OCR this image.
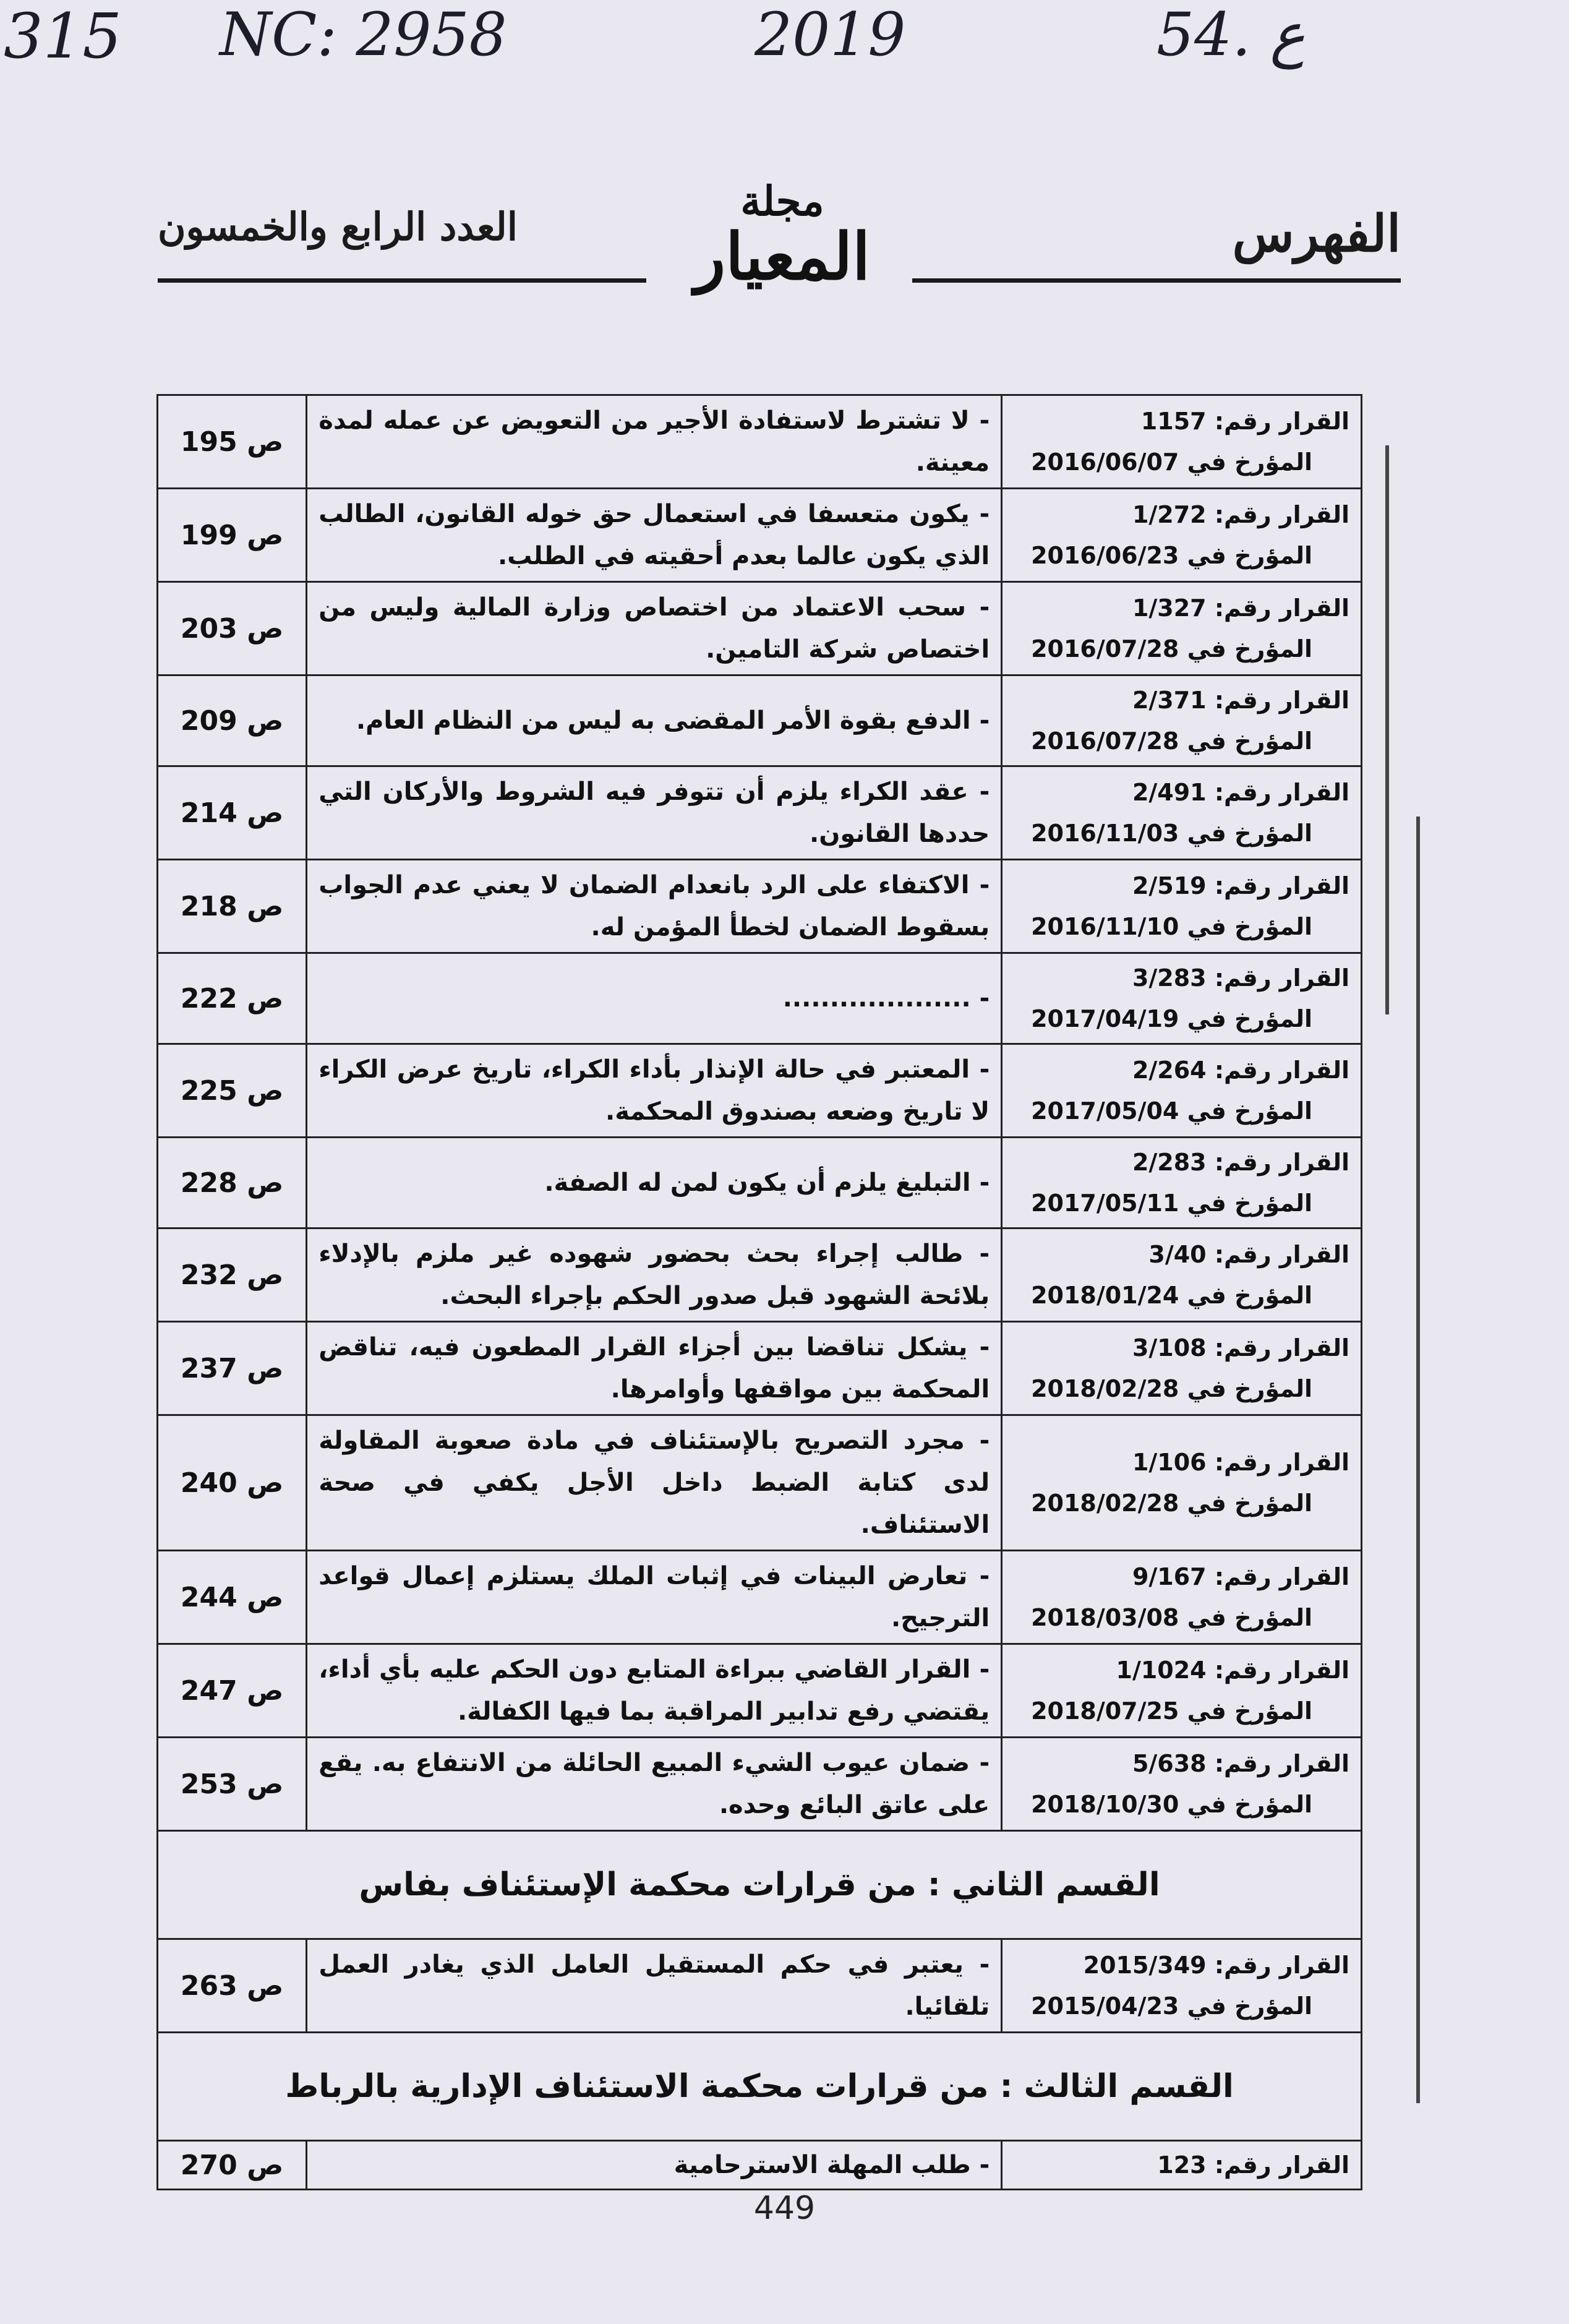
315 NC: 2958	2019	54. ع
الفهرس
العدد الرابع والخمسون
مجلة
المعيار
القرار رقم: 1157
المؤرخ في 2016/06/07	- لا تشترط لاستفادة الأجير من التعويض عن عمله لمدة معينة.	ص 195

القرار رقم: 1/272
المؤرخ في 2016/06/23	- يكون متعسفا في استعمال حق خوله القانون، الطالب الذي يكون عالما بعدم أحقيته في الطلب.	ص 199

القرار رقم: 1/327
المؤرخ في 2016/07/28	- سحب الاعتماد من اختصاص وزارة المالية وليس من اختصاص شركة التامين.	ص 203

القرار رقم: 2/371
المؤرخ في 2016/07/28	- الدفع بقوة الأمر المقضى به ليس من النظام العام.	ص 209

القرار رقم: 2/491
المؤرخ في 2016/11/03	- عقد الكراء يلزم أن تتوفر فيه الشروط والأركان التي حددها القانون.	ص 214

القرار رقم: 2/519
المؤرخ في 2016/11/10	- الاكتفاء على الرد بانعدام الضمان لا يعني عدم الجواب بسقوط الضمان لخطأ المؤمن له.	ص 218

القرار رقم: 3/283
المؤرخ في 2017/04/19	- ....................	ص 222

القرار رقم: 2/264
المؤرخ في 2017/05/04	- المعتبر في حالة الإنذار بأداء الكراء، تاريخ عرض الكراء لا تاريخ وضعه بصندوق المحكمة.	ص 225

القرار رقم: 2/283
المؤرخ في 2017/05/11	- التبليغ يلزم أن يكون لمن له الصفة.	ص 228

القرار رقم: 3/40
المؤرخ في 2018/01/24	- طالب إجراء بحث بحضور شهوده غير ملزم بالإدلاء بلائحة الشهود قبل صدور الحكم بإجراء البحث.	ص 232

القرار رقم: 3/108
المؤرخ في 2018/02/28	- يشكل تناقضا بين أجزاء القرار المطعون فيه، تناقض المحكمة بين مواقفها وأوامرها.	ص 237

القرار رقم: 1/106
المؤرخ في 2018/02/28	- مجرد التصريح بالإستئناف في مادة صعوبة المقاولة لدى كتابة الضبط داخل الأجل يكفي في صحة الاستئناف.	ص 240

القرار رقم: 9/167
المؤرخ في 2018/03/08	- تعارض البينات في إثبات الملك يستلزم إعمال قواعد الترجيح.	ص 244

القرار رقم: 1/1024
المؤرخ في 2018/07/25	- القرار القاضي ببراءة المتابع دون الحكم عليه بأي أداء، يقتضي رفع تدابير المراقبة بما فيها الكفالة.	ص 247

القرار رقم: 5/638
المؤرخ في 2018/10/30	- ضمان عيوب الشيء المبيع الحائلة من الانتفاع به. يقع على عاتق البائع وحده.	ص 253
القسم الثاني : من قرارات محكمة الإستئناف بفاس		

القرار رقم: 2015/349
المؤرخ في 2015/04/23	- يعتبر في حكم المستقيل العامل الذي يغادر العمل تلقائيا.	ص 263
القسم الثالث : من قرارات محكمة الاستئناف الإدارية بالرباط		
القرار رقم: 123	- طلب المهلة الاسترحامية	ص 270
449
